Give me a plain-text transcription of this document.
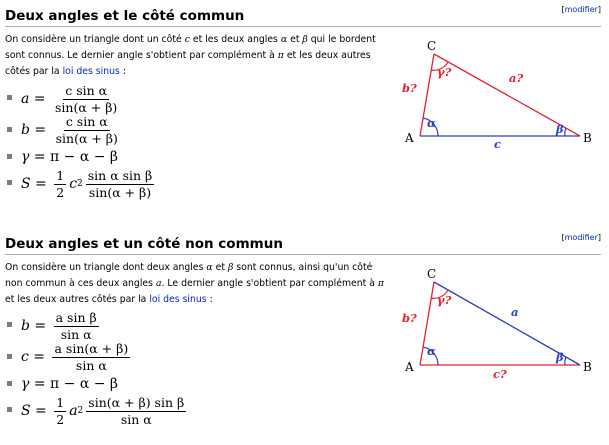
Deux angles et le côté commun	[modifier]
On considère un triangle dont un côté c et les deux angles α et β qui le bordent sont connus. Le dernier angle s'obtient par complément à π et les deux autres côtés par la loi des sinus :
$a = \frac{\text{c sin α}}{\sin(\alpha + \beta)}$
$b = \frac{\text{c sin α}}{\sin(\alpha + \beta)}$
γ = π − α − β
$S = \frac{1}{2}$ c $2 \frac{\text{sin α sin β}}{\sin(\alpha + \beta)}$
A	B
C
a?
b?
c
α	β
γ?
Deux angles et un côté non commun	[modifier]
On considère un triangle dont deux angles α et β sont connus, ainsi qu'un côté non commun à ces deux angles a. Le dernier angle s'obtient par complément à π et les deux autres côtés par la loi des sinus :
$b = \frac{\text{a sin β}}{\text{sin α}}$
$c = \frac{\text{a sin(α + β)}}{\text{sin α}}$
γ = π − α − β
$S = \frac{1}{2}$ a $2 \frac{\text{sin(α + β) sin β}}{\text{sin α}}$
A	B
C
a
b?
c?
α	β
γ?
